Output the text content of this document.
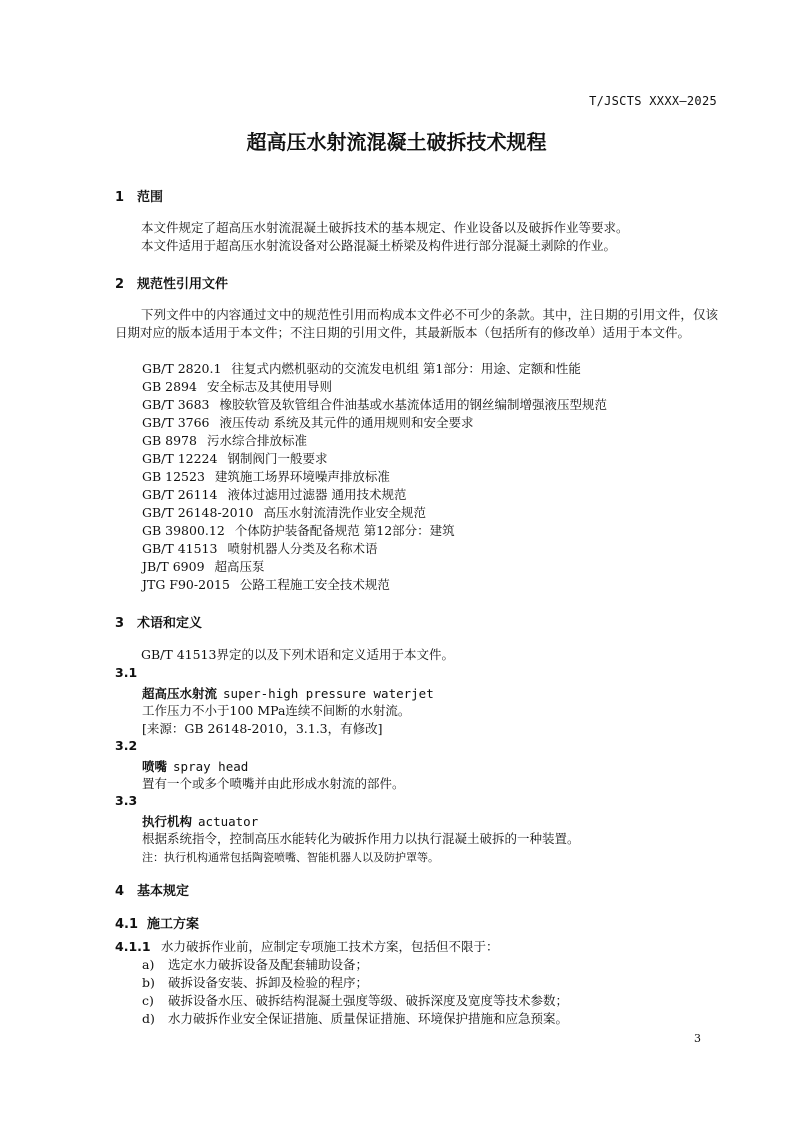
T/JSCTS XXXX—2025
超高压水射流混凝土破拆技术规程
1 范围
本文件规定了超高压水射流混凝土破拆技术的基本规定、作业设备以及破拆作业等要求。
本文件适用于超高压水射流设备对公路混凝土桥梁及构件进行部分混凝土剥除的作业。
2 规范性引用文件
下列文件中的内容通过文中的规范性引用而构成本文件必不可少的条款。其中，注日期的引用文件，仅该日期对应的版本适用于本文件；不注日期的引用文件，其最新版本（包括所有的修改单）适用于本文件。
GB/T 2820.1 往复式内燃机驱动的交流发电机组 第1部分：用途、定额和性能
GB 2894 安全标志及其使用导则
GB/T 3683 橡胶软管及软管组合件油基或水基流体适用的钢丝编制增强液压型规范
GB/T 3766 液压传动 系统及其元件的通用规则和安全要求
GB 8978 污水综合排放标准
GB/T 12224 钢制阀门一般要求
GB 12523 建筑施工场界环境噪声排放标准
GB/T 26114 液体过滤用过滤器 通用技术规范
GB/T 26148-2010 高压水射流清洗作业安全规范
GB 39800.12 个体防护装备配备规范 第12部分：建筑
GB/T 41513 喷射机器人分类及名称术语
JB/T 6909 超高压泵
JTG F90-2015 公路工程施工安全技术规范
3 术语和定义
GB/T 41513界定的以及下列术语和定义适用于本文件。
3.1
超高压水射流 super-high pressure waterjet
工作压力不小于100 MPa连续不间断的水射流。
[来源：GB 26148-2010，3.1.3，有修改]
3.2
喷嘴 spray head
置有一个或多个喷嘴并由此形成水射流的部件。
3.3
执行机构 actuator
根据系统指令，控制高压水能转化为破拆作用力以执行混凝土破拆的一种装置。
注：执行机构通常包括陶瓷喷嘴、智能机器人以及防护罩等。
4 基本规定
4.1 施工方案
4.1.1 水力破拆作业前，应制定专项施工技术方案，包括但不限于：
a) 选定水力破拆设备及配套辅助设备；
b) 破拆设备安装、拆卸及检验的程序；
c) 破拆设备水压、破拆结构混凝土强度等级、破拆深度及宽度等技术参数；
d) 水力破拆作业安全保证措施、质量保证措施、环境保护措施和应急预案。
3
